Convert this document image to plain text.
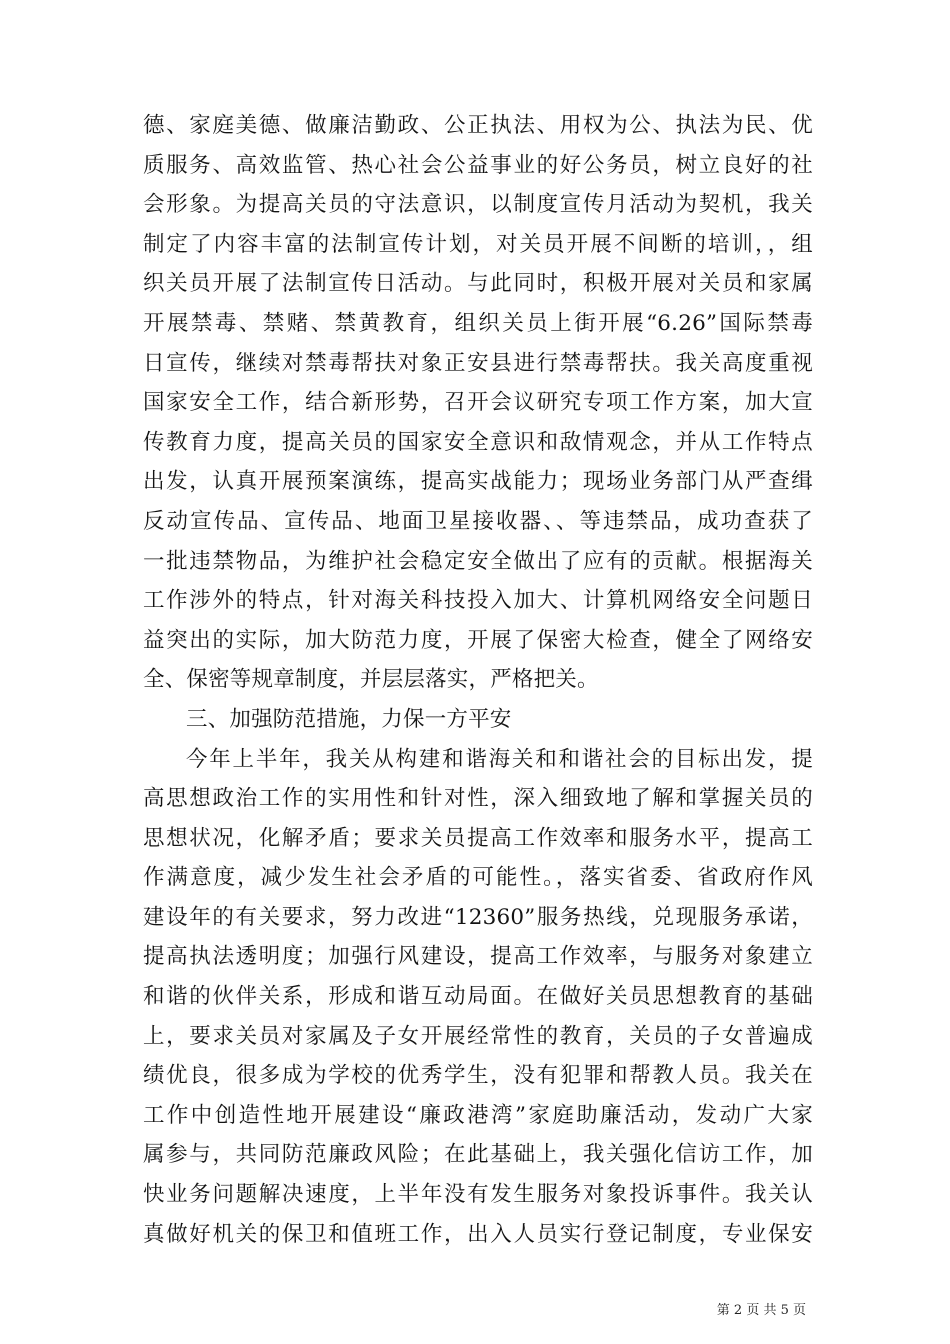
德、家庭美德、做廉洁勤政、公正执法、用权为公、执法为民、优
质服务、高效监管、热心社会公益事业的好公务员，树立良好的社
会形象。为提高关员的守法意识，以制度宣传月活动为契机，我关
制定了内容丰富的法制宣传计划，对关员开展不间断的培训，，组
织关员开展了法制宣传日活动。与此同时，积极开展对关员和家属
开展禁毒、禁赌、禁黄教育，组织关员上街开展“6.26”国际禁毒
日宣传，继续对禁毒帮扶对象正安县进行禁毒帮扶。我关高度重视
国家安全工作，结合新形势，召开会议研究专项工作方案，加大宣
传教育力度，提高关员的国家安全意识和敌情观念，并从工作特点
出发，认真开展预案演练，提高实战能力；现场业务部门从严查缉
反动宣传品、宣传品、地面卫星接收器、、等违禁品，成功查获了
一批违禁物品，为维护社会稳定安全做出了应有的贡献。根据海关
工作涉外的特点，针对海关科技投入加大、计算机网络安全问题日
益突出的实际，加大防范力度，开展了保密大检查，健全了网络安
全、保密等规章制度，并层层落实，严格把关。
三、加强防范措施，力保一方平安
今年上半年，我关从构建和谐海关和和谐社会的目标出发，提
高思想政治工作的实用性和针对性，深入细致地了解和掌握关员的
思想状况，化解矛盾；要求关员提高工作效率和服务水平，提高工
作满意度，减少发生社会矛盾的可能性。，落实省委、省政府作风
建设年的有关要求，努力改进“12360”服务热线，兑现服务承诺，
提高执法透明度；加强行风建设，提高工作效率，与服务对象建立
和谐的伙伴关系，形成和谐互动局面。在做好关员思想教育的基础
上，要求关员对家属及子女开展经常性的教育，关员的子女普遍成
绩优良，很多成为学校的优秀学生，没有犯罪和帮教人员。我关在
工作中创造性地开展建设“廉政港湾”家庭助廉活动，发动广大家
属参与，共同防范廉政风险；在此基础上，我关强化信访工作，加
快业务问题解决速度，上半年没有发生服务对象投诉事件。我关认
真做好机关的保卫和值班工作，出入人员实行登记制度，专业保安
第 2 页 共 5 页
